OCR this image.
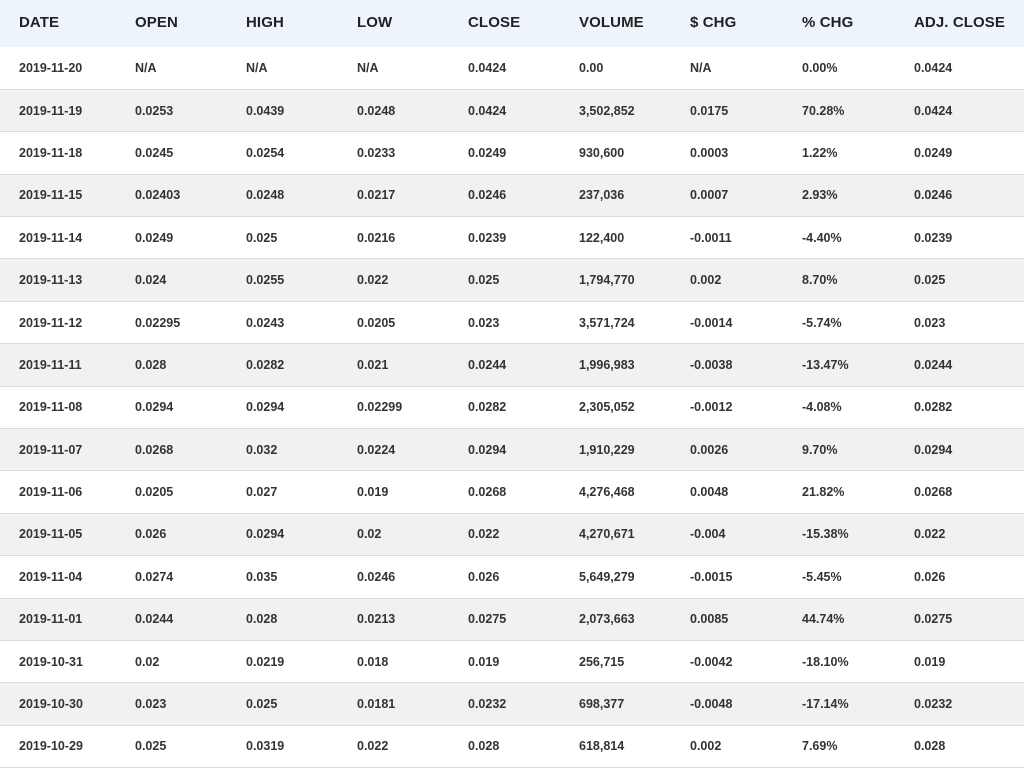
DATE	OPEN	HIGH	LOW	CLOSE	VOLUME	$ CHG	% CHG	ADJ. CLOSE
2019-11-20	N/A	N/A	N/A	0.0424	0.00	N/A	0.00%	0.0424
2019-11-19	0.0253	0.0439	0.0248	0.0424	3,502,852	0.0175	70.28%	0.0424
2019-11-18	0.0245	0.0254	0.0233	0.0249	930,600	0.0003	1.22%	0.0249
2019-11-15	0.02403	0.0248	0.0217	0.0246	237,036	0.0007	2.93%	0.0246
2019-11-14	0.0249	0.025	0.0216	0.0239	122,400	-0.0011	-4.40%	0.0239
2019-11-13	0.024	0.0255	0.022	0.025	1,794,770	0.002	8.70%	0.025
2019-11-12	0.02295	0.0243	0.0205	0.023	3,571,724	-0.0014	-5.74%	0.023
2019-11-11	0.028	0.0282	0.021	0.0244	1,996,983	-0.0038	-13.47%	0.0244
2019-11-08	0.0294	0.0294	0.02299	0.0282	2,305,052	-0.0012	-4.08%	0.0282
2019-11-07	0.0268	0.032	0.0224	0.0294	1,910,229	0.0026	9.70%	0.0294
2019-11-06	0.0205	0.027	0.019	0.0268	4,276,468	0.0048	21.82%	0.0268
2019-11-05	0.026	0.0294	0.02	0.022	4,270,671	-0.004	-15.38%	0.022
2019-11-04	0.0274	0.035	0.0246	0.026	5,649,279	-0.0015	-5.45%	0.026
2019-11-01	0.0244	0.028	0.0213	0.0275	2,073,663	0.0085	44.74%	0.0275
2019-10-31	0.02	0.0219	0.018	0.019	256,715	-0.0042	-18.10%	0.019
2019-10-30	0.023	0.025	0.0181	0.0232	698,377	-0.0048	-17.14%	0.0232
2019-10-29	0.025	0.0319	0.022	0.028	618,814	0.002	7.69%	0.028
